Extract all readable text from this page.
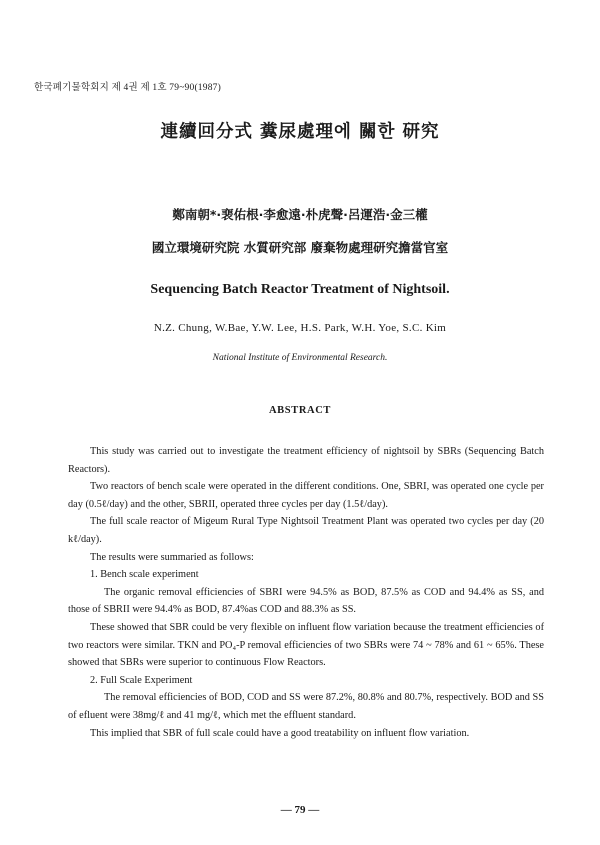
한국폐기물학회지 제 4권 제 1호 79~90(1987)
連續回分式 糞尿處理에 關한 研究
鄭南朝*·裵佑根·李愈遠·朴虎聲·呂運浩·金三權
國立環境研究院 水質研究部 廢棄物處理研究擔當官室
Sequencing Batch Reactor Treatment of Nightsoil.
N.Z. Chung, W.Bae, Y.W. Lee, H.S. Park, W.H. Yoe, S.C. Kim
National Institute of Environmental Research.
ABSTRACT

This study was carried out to investigate the treatment efficiency of nightsoil by SBRs (Sequencing Batch Reactors).

Two reactors of bench scale were operated in the different conditions. One, SBRI, was operated one cycle per day (0.5ℓ/day) and the other, SBRII, operated three cycles per day (1.5ℓ/day).

The full scale reactor of Migeum Rural Type Nightsoil Treatment Plant was operated two cycles per day (20 kℓ/day).

The results were summaried as follows:

1. Bench scale experiment

The organic removal efficiencies of SBRI were 94.5% as BOD, 87.5% as COD and 94.4% as SS, and those of SBRII were 94.4% as BOD, 87.4%as COD and 88.3% as SS.

These showed that SBR could be very flexible on influent flow variation because the treatment efficiencies of two reactors were similar. TKN and PO₄-P removal efficiencies of two SBRs were 74 ~ 78% and 61 ~ 65%. These showed that SBRs were superior to continuous Flow Reactors.

2. Full Scale Experiment

The removal efficiencies of BOD, COD and SS were 87.2%, 80.8% and 80.7%, respectively. BOD and SS of efluent were 38mg/ℓ and 41 mg/ℓ, which met the effluent standard.

This implied that SBR of full scale could have a good treatability on influent flow variation.

— 79 —
